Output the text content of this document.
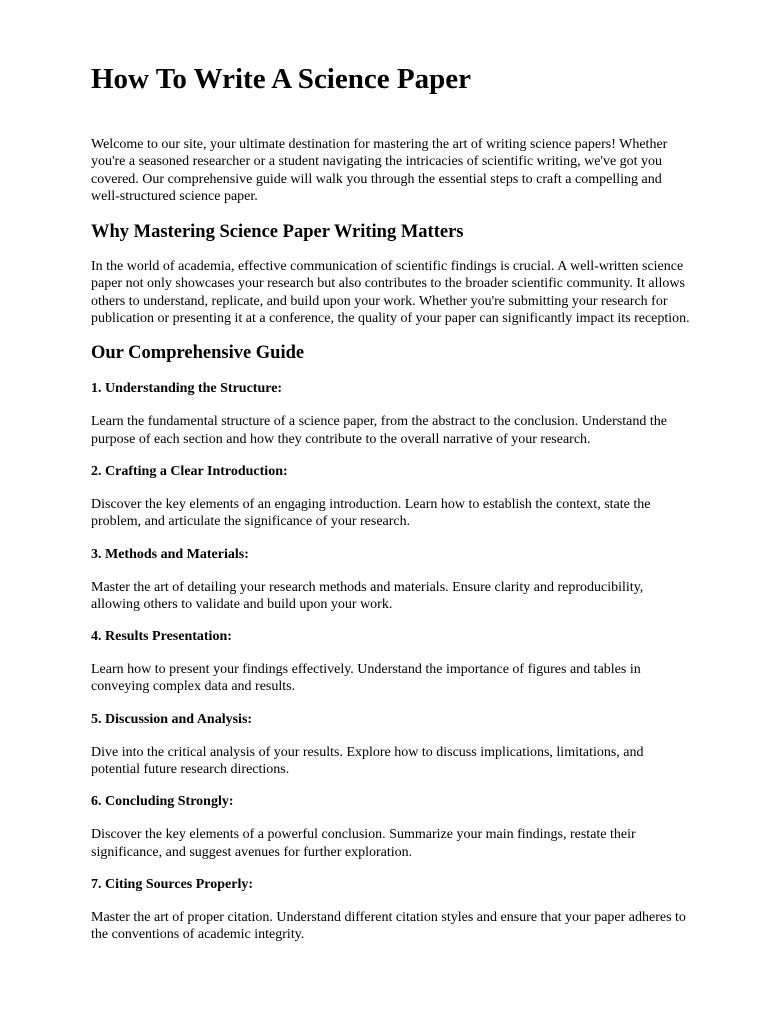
How To Write A Science Paper

Welcome to our site, your ultimate destination for mastering the art of writing science papers! Whether you're a seasoned researcher or a student navigating the intricacies of scientific writing, we've got you covered. Our comprehensive guide will walk you through the essential steps to craft a compelling and well-structured science paper.

Why Mastering Science Paper Writing Matters

In the world of academia, effective communication of scientific findings is crucial. A well-written science paper not only showcases your research but also contributes to the broader scientific community. It allows others to understand, replicate, and build upon your work. Whether you're submitting your research for publication or presenting it at a conference, the quality of your paper can significantly impact its reception.

Our Comprehensive Guide
1. Understanding the Structure:

Learn the fundamental structure of a science paper, from the abstract to the conclusion. Understand the purpose of each section and how they contribute to the overall narrative of your research.

2. Crafting a Clear Introduction:

Discover the key elements of an engaging introduction. Learn how to establish the context, state the problem, and articulate the significance of your research.

3. Methods and Materials:

Master the art of detailing your research methods and materials. Ensure clarity and reproducibility, allowing others to validate and build upon your work.

4. Results Presentation:

Learn how to present your findings effectively. Understand the importance of figures and tables in conveying complex data and results.

5. Discussion and Analysis:

Dive into the critical analysis of your results. Explore how to discuss implications, limitations, and potential future research directions.

6. Concluding Strongly:

Discover the key elements of a powerful conclusion. Summarize your main findings, restate their significance, and suggest avenues for further exploration.

7. Citing Sources Properly:

Master the art of proper citation. Understand different citation styles and ensure that your paper adheres to the conventions of academic integrity.
